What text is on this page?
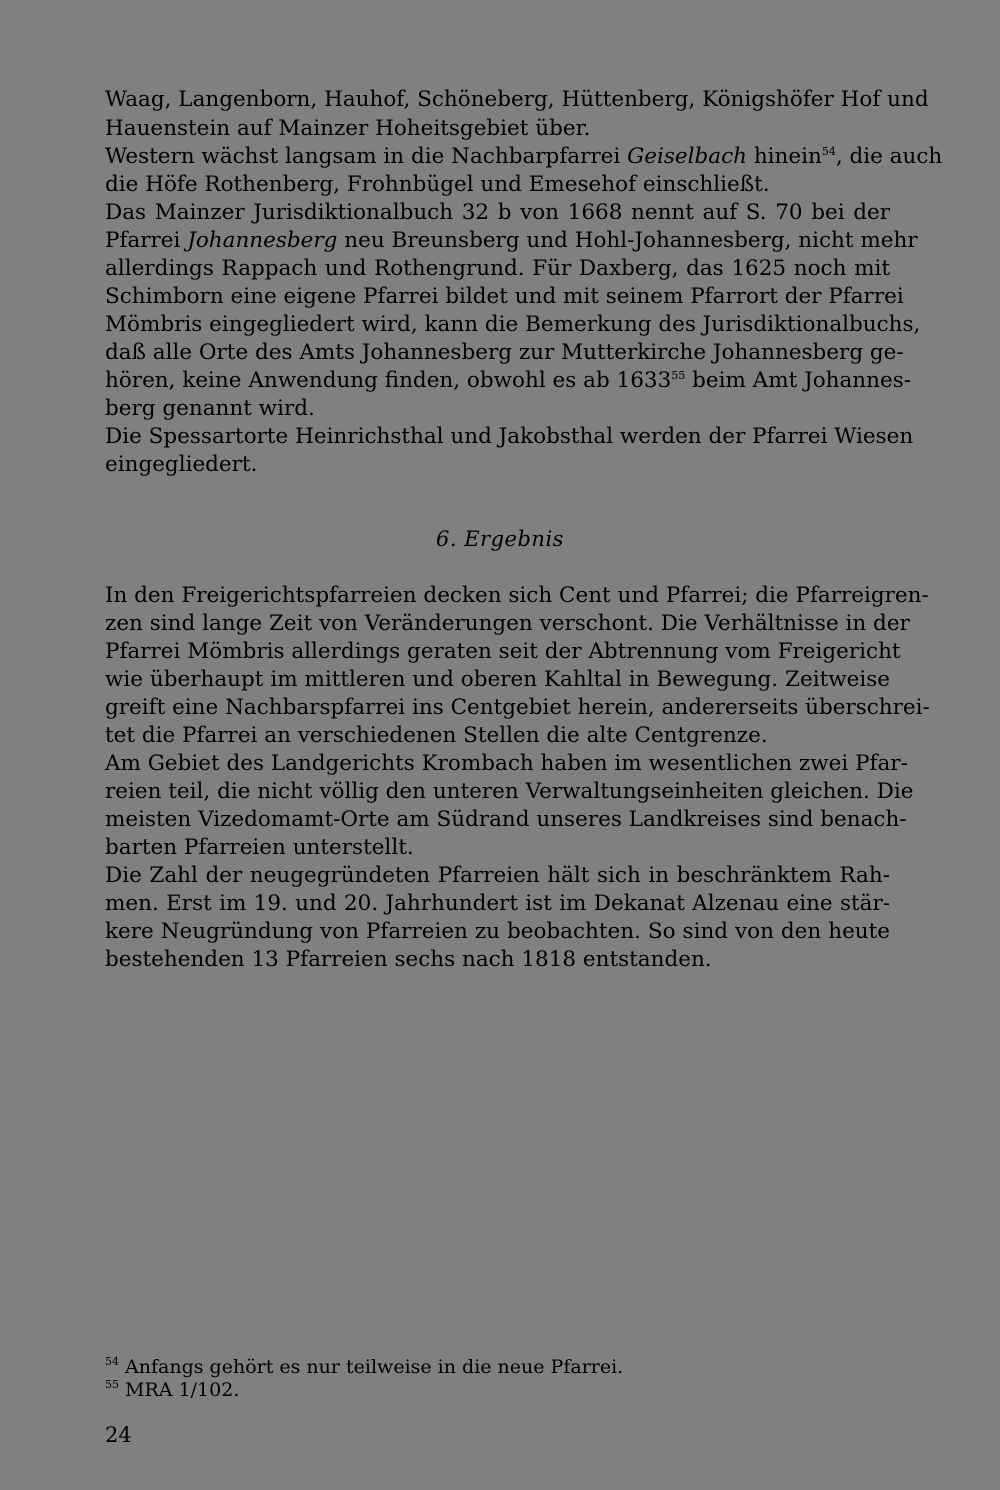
Waag, Langenborn, Hauhof, Schöneberg, Hüttenberg, Königshöfer Hof und
Hauenstein auf Mainzer Hoheitsgebiet über.
Western wächst langsam in die Nachbarpfarrei Geiselbach hinein$^{54}$, die auch
die Höfe Rothenberg, Frohnbügel und Emesehof einschließt.
Das Mainzer Jurisdiktionalbuch 32 b von 1668 nennt auf S. 70 bei der
Pfarrei Johannesberg neu Breunsberg und Hohl-Johannesberg, nicht mehr
allerdings Rappach und Rothengrund. Für Daxberg, das 1625 noch mit
Schimborn eine eigene Pfarrei bildet und mit seinem Pfarrort der Pfarrei
Mömbris eingegliedert wird, kann die Bemerkung des Jurisdiktionalbuchs,
daß alle Orte des Amts Johannesberg zur Mutterkirche Johannesberg ge-
hören, keine Anwendung finden, obwohl es ab 1633$^{55}$ beim Amt Johannes-
berg genannt wird.
Die Spessartorte Heinrichsthal und Jakobsthal werden der Pfarrei Wiesen
eingegliedert.
6. Ergebnis
In den Freigerichtspfarreien decken sich Cent und Pfarrei; die Pfarreigren-
zen sind lange Zeit von Veränderungen verschont. Die Verhältnisse in der
Pfarrei Mömbris allerdings geraten seit der Abtrennung vom Freigericht
wie überhaupt im mittleren und oberen Kahltal in Bewegung. Zeitweise
greift eine Nachbarspfarrei ins Centgebiet herein, andererseits überschrei-
tet die Pfarrei an verschiedenen Stellen die alte Centgrenze.
Am Gebiet des Landgerichts Krombach haben im wesentlichen zwei Pfar-
reien teil, die nicht völlig den unteren Verwaltungseinheiten gleichen. Die
meisten Vizedomamt-Orte am Südrand unseres Landkreises sind benach-
barten Pfarreien unterstellt.
Die Zahl der neugegründeten Pfarreien hält sich in beschränktem Rah-
men. Erst im 19. und 20. Jahrhundert ist im Dekanat Alzenau eine stär-
kere Neugründung von Pfarreien zu beobachten. So sind von den heute
bestehenden 13 Pfarreien sechs nach 1818 entstanden.
$^{54}$ Anfangs gehört es nur teilweise in die neue Pfarrei.
$^{55}$ MRA 1/102.
24
